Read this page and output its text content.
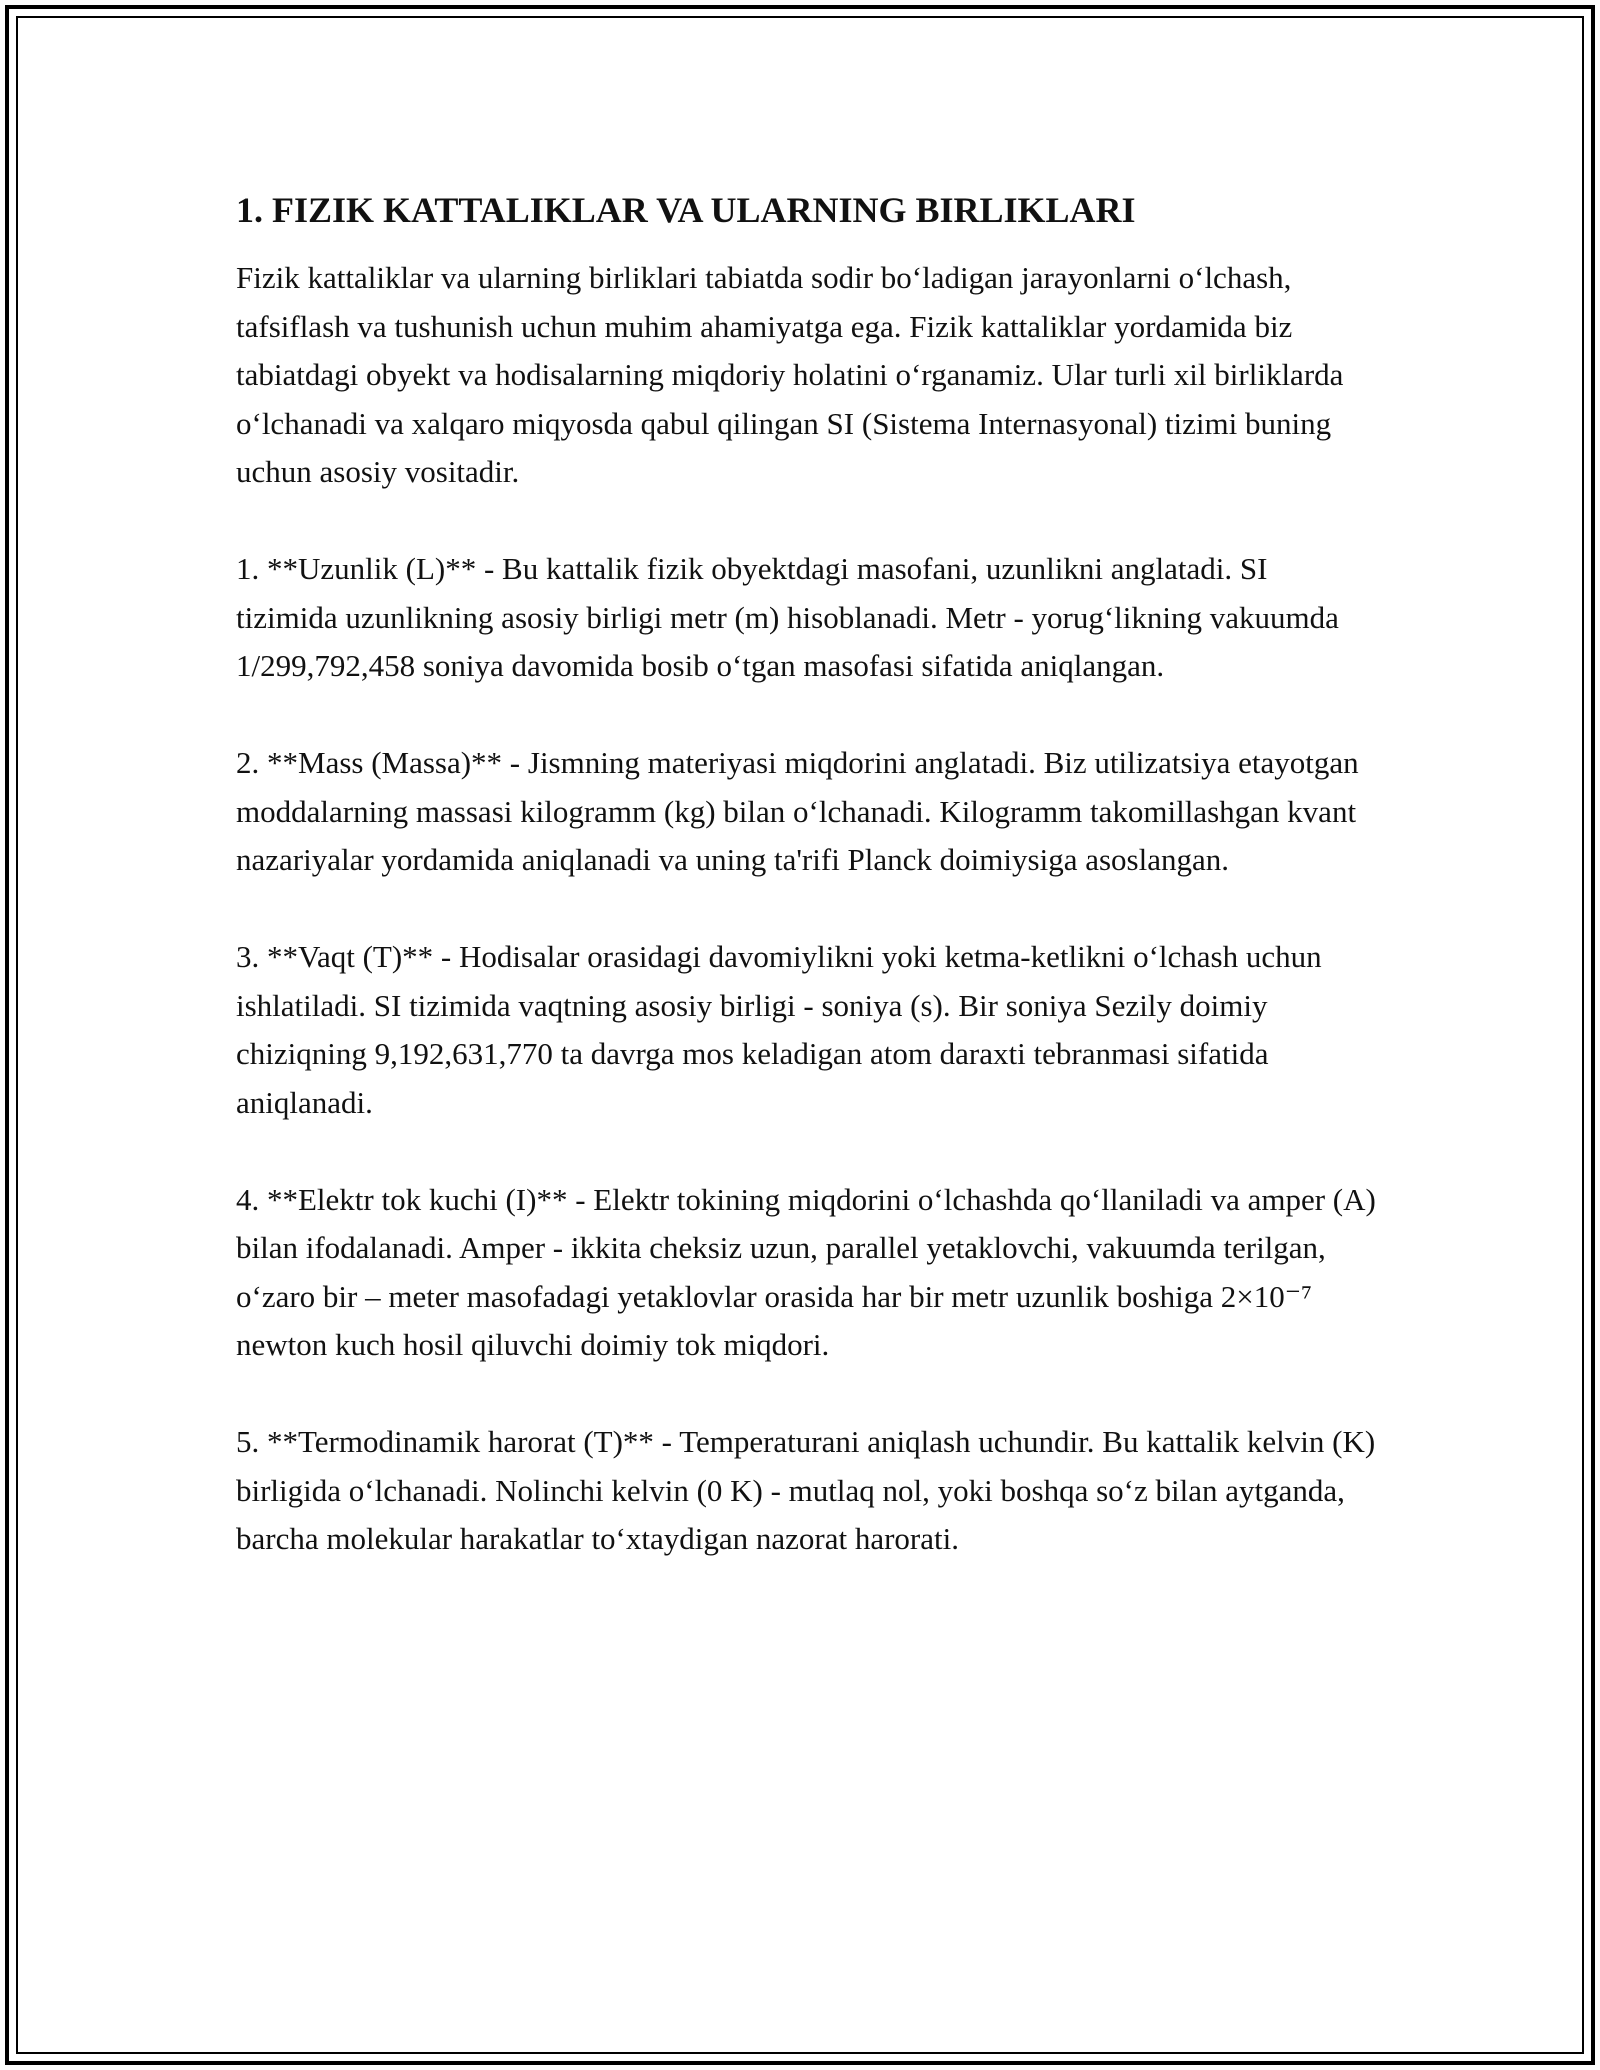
1. FIZIK KATTALIKLAR VA ULARNING BIRLIKLARI

Fizik kattaliklar va ularning birliklari tabiatda sodir bo‘ladigan jarayonlarni o‘lchash, tafsiflash va tushunish uchun muhim ahamiyatga ega. Fizik kattaliklar yordamida biz tabiatdagi obyekt va hodisalarning miqdoriy holatini o‘rganamiz. Ular turli xil birliklarda o‘lchanadi va xalqaro miqyosda qabul qilingan SI (Sistema Internasyonal) tizimi buning uchun asosiy vositadir.

1. **Uzunlik (L)** - Bu kattalik fizik obyektdagi masofani, uzunlikni anglatadi. SI tizimida uzunlikning asosiy birligi metr (m) hisoblanadi. Metr - yorug‘likning vakuumda 1/299,792,458 soniya davomida bosib o‘tgan masofasi sifatida aniqlangan.

2. **Mass (Massa)** - Jismning materiyasi miqdorini anglatadi. Biz utilizatsiya etayotgan moddalarning massasi kilogramm (kg) bilan o‘lchanadi. Kilogramm takomillashgan kvant nazariyalar yordamida aniqlanadi va uning ta'rifi Planck doimiysiga asoslangan.

3. **Vaqt (T)** - Hodisalar orasidagi davomiylikni yoki ketma-ketlikni o‘lchash uchun ishlatiladi. SI tizimida vaqtning asosiy birligi - soniya (s). Bir soniya Sezily doimiy chiziqning 9,192,631,770 ta davrga mos keladigan atom daraxti tebranmasi sifatida aniqlanadi.

4. **Elektr tok kuchi (I)** - Elektr tokining miqdorini o‘lchashda qo‘llaniladi va amper (A) bilan ifodalanadi. Amper - ikkita cheksiz uzun, parallel yetaklovchi, vakuumda terilgan, o‘zaro bir – meter masofadagi yetaklovlar orasida har bir metr uzunlik boshiga 2×10⁻⁷ newton kuch hosil qiluvchi doimiy tok miqdori.

5. **Termodinamik harorat (T)** - Temperaturani aniqlash uchundir. Bu kattalik kelvin (K) birligida o‘lchanadi. Nolinchi kelvin (0 K) - mutlaq nol, yoki boshqa so‘z bilan aytganda, barcha molekular harakatlar to‘xtaydigan nazorat harorati.
